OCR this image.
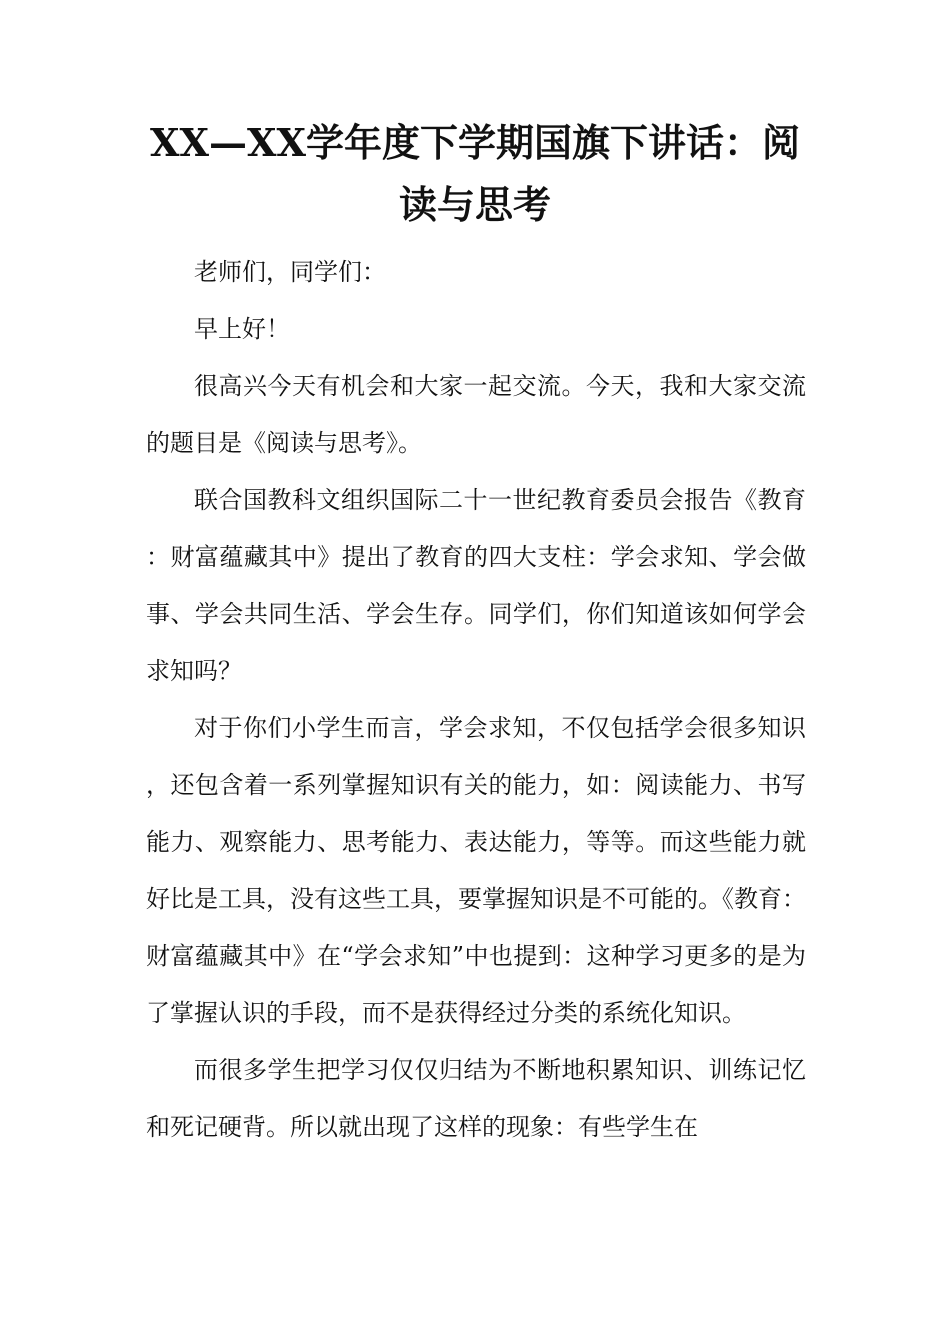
XX—XX学年度下学期国旗下讲话：阅读与思考

老师们，同学们：

早上好！

很高兴今天有机会和大家一起交流。今天，我和大家交流的题目是《阅读与思考》。

联合国教科文组织国际二十一世纪教育委员会报告《教育：财富蕴藏其中》提出了教育的四大支柱：学会求知、学会做事、学会共同生活、学会生存。同学们，你们知道该如何学会求知吗？

对于你们小学生而言，学会求知，不仅包括学会很多知识，还包含着一系列掌握知识有关的能力，如：阅读能力、书写能力、观察能力、思考能力、表达能力，等等。而这些能力就好比是工具，没有这些工具，要掌握知识是不可能的。《教育：财富蕴藏其中》在“学会求知”中也提到：这种学习更多的是为了掌握认识的手段，而不是获得经过分类的系统化知识。

而很多学生把学习仅仅归结为不断地积累知识、训练记忆和死记硬背。所以就出现了这样的现象：有些学生在
